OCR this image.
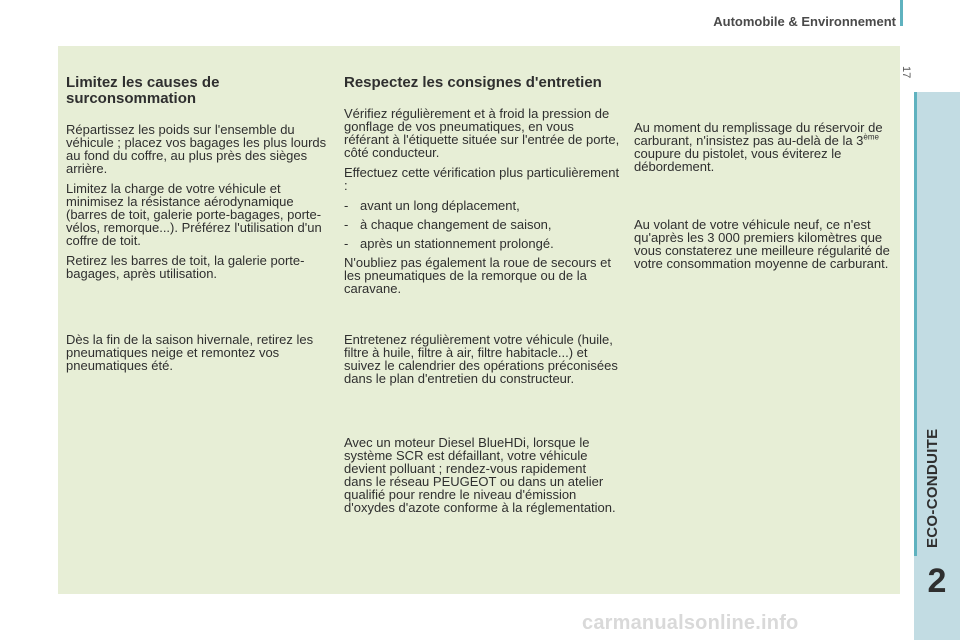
Automobile & Environnement
17
ECO-CONDUITE
2
Limitez les causes de surconsommation

Répartissez les poids sur l'ensemble du véhicule ; placez vos bagages les plus lourds au fond du coffre, au plus près des sièges arrière.

Limitez la charge de votre véhicule et minimisez la résistance aérodynamique (barres de toit, galerie porte-bagages, porte-vélos, remorque...). Préférez l'utilisation d'un coffre de toit.

Retirez les barres de toit, la galerie porte-bagages, après utilisation.

Dès la fin de la saison hivernale, retirez les pneumatiques neige et remontez vos pneumatiques été.

Respectez les consignes d'entretien

Vérifiez régulièrement et à froid la pression de gonflage de vos pneumatiques, en vous référant à l'étiquette située sur l'entrée de porte, côté conducteur.

Effectuez cette vérification plus particulièrement :

- avant un long déplacement,
- à chaque changement de saison,
- après un stationnement prolongé.

N'oubliez pas également la roue de secours et les pneumatiques de la remorque ou de la caravane.

Entretenez régulièrement votre véhicule (huile, filtre à huile, filtre à air, filtre habitacle...) et suivez le calendrier des opérations préconisées dans le plan d'entretien du constructeur.

Avec un moteur Diesel BlueHDi, lorsque le système SCR est défaillant, votre véhicule devient polluant ; rendez-vous rapidement dans le réseau PEUGEOT ou dans un atelier qualifié pour rendre le niveau d'émission d'oxydes d'azote conforme à la réglementation.

Au moment du remplissage du réservoir de carburant, n'insistez pas au-delà de la 3ème coupure du pistolet, vous éviterez le débordement.

Au volant de votre véhicule neuf, ce n'est qu'après les 3 000 premiers kilomètres que vous constaterez une meilleure régularité de votre consommation moyenne de carburant.

carmanualsonline.info
